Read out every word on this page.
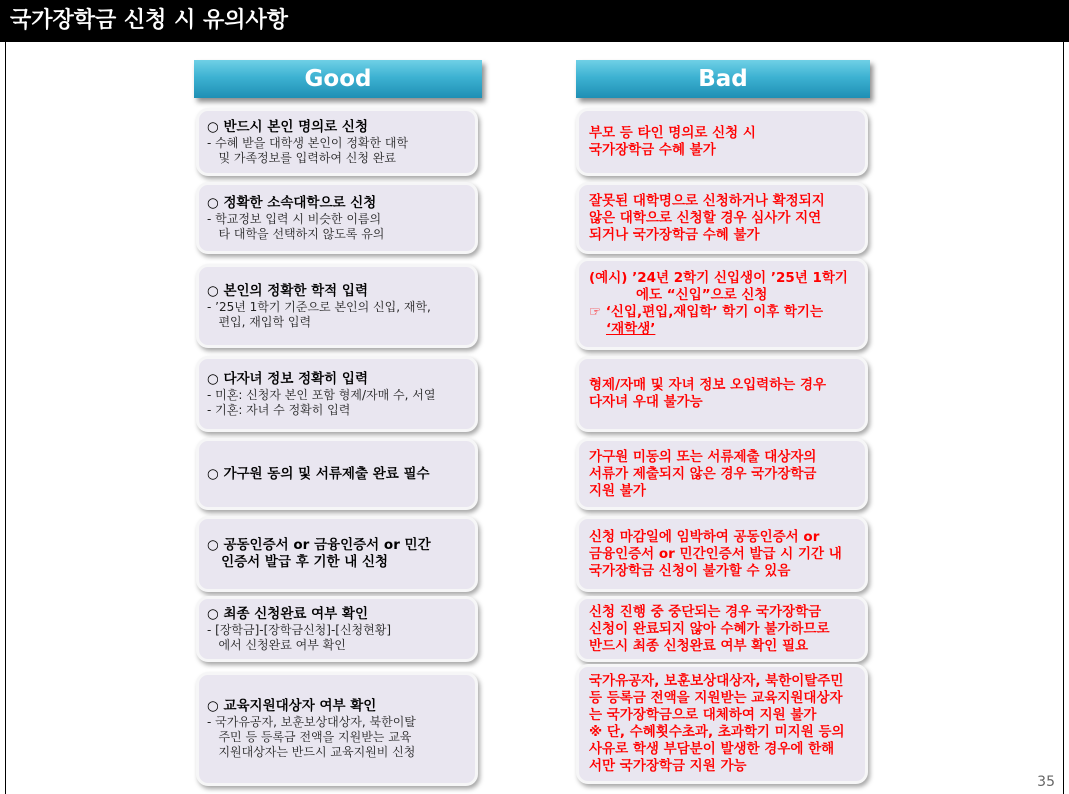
국가장학금 신청 시 유의사항
Good	Bad
○ 반드시 본인 명의로 신청
- 수혜 받을 대학생 본인이 정확한 대학
및 가족정보를 입력하여 신청 완료
부모 등 타인 명의로 신청 시
국가장학금 수혜 불가
○ 정확한 소속대학으로 신청
- 학교정보 입력 시 비슷한 이름의
타 대학을 선택하지 않도록 유의
잘못된 대학명으로 신청하거나 확정되지
않은 대학으로 신청할 경우 심사가 지연
되거나 국가장학금 수혜 불가
○ 본인의 정확한 학적 입력
- ’25년 1학기 기준으로 본인의 신입, 재학,
편입, 재입학 입력
(예시) ’24년 2학기 신입생이 ’25년 1학기
에도 “신입”으로 신청
☞ ‘신입,편입,재입학’ 학기 이후 학기는
‘재학생’
○ 다자녀 정보 정확히 입력
- 미혼: 신청자 본인 포함 형제/자매 수, 서열
- 기혼: 자녀 수 정확히 입력
형제/자매 및 자녀 정보 오입력하는 경우
다자녀 우대 불가능
○ 가구원 동의 및 서류제출 완료 필수
가구원 미동의 또는 서류제출 대상자의
서류가 제출되지 않은 경우 국가장학금
지원 불가
○ 공동인증서 or 금융인증서 or 민간
인증서 발급 후 기한 내 신청
신청 마감일에 임박하여 공동인증서 or
금융인증서 or 민간인증서 발급 시 기간 내
국가장학금 신청이 불가할 수 있음
○ 최종 신청완료 여부 확인
- [장학금]-[장학금신청]-[신청현황]
에서 신청완료 여부 확인
신청 진행 중 중단되는 경우 국가장학금
신청이 완료되지 않아 수혜가 불가하므로
반드시 최종 신청완료 여부 확인 필요
○ 교육지원대상자 여부 확인
- 국가유공자, 보훈보상대상자, 북한이탈
주민 등 등록금 전액을 지원받는 교육
지원대상자는 반드시 교육지원비 신청
국가유공자, 보훈보상대상자, 북한이탈주민
등 등록금 전액을 지원받는 교육지원대상자
는 국가장학금으로 대체하여 지원 불가
※ 단, 수혜횟수초과, 초과학기 미지원 등의
사유로 학생 부담분이 발생한 경우에 한해
서만 국가장학금 지원 가능
35
